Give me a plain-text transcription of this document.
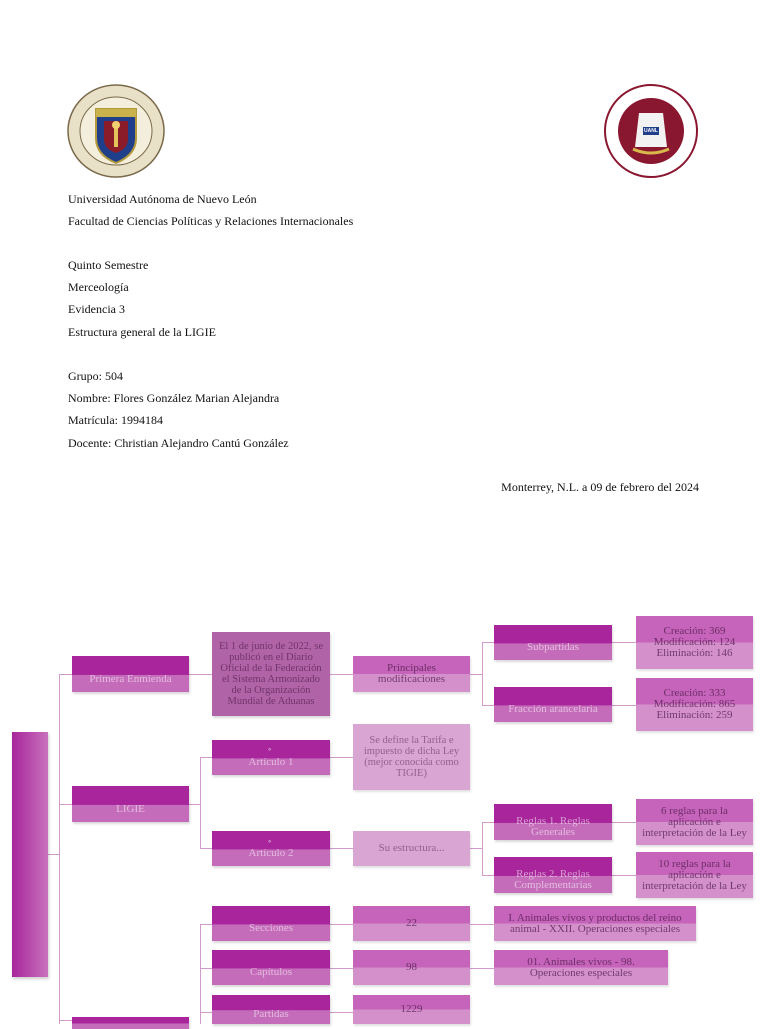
UANL
Universidad Autónoma de Nuevo León
Facultad de Ciencias Políticas y Relaciones Internacionales
Quinto Semestre
Merceología
Evidencia 3
Estructura general de la LIGIE
Grupo: 504
Nombre: Flores González Marian Alejandra
Matrícula: 1994184
Docente: Christian Alejandro Cantú González
Monterrey, N.L. a 09 de febrero del 2024
Primera Enmienda
LIGIE
El 1 de junio de 2022, se publicó en el Diario Oficial de la Federación el Sistema Armonizado de la Organización Mundial de Aduanas
Artículo 1
◦
Artículo 2
◦
Secciones
Capítulos
Partidas
Principales modificaciones
Se define la Tarifa e impuesto de dicha Ley (mejor conocida como TIGIE)
Su estructura...
22
98
1229
Subpartidas
Fracción arancelaria
Reglas 1. Reglas Generales
Reglas 2. Reglas Complementarias
I. Animales vivos y productos del reino animal - XXII. Operaciones especiales
01. Animales vivos - 98. Operaciones especiales
Creación: 369 Modificación: 124 Eliminación: 146
Creación: 333 Modificación: 865 Eliminación: 259
6 reglas para la aplicación e interpretación de la Ley
10 reglas para la aplicación e interpretación de la Ley
